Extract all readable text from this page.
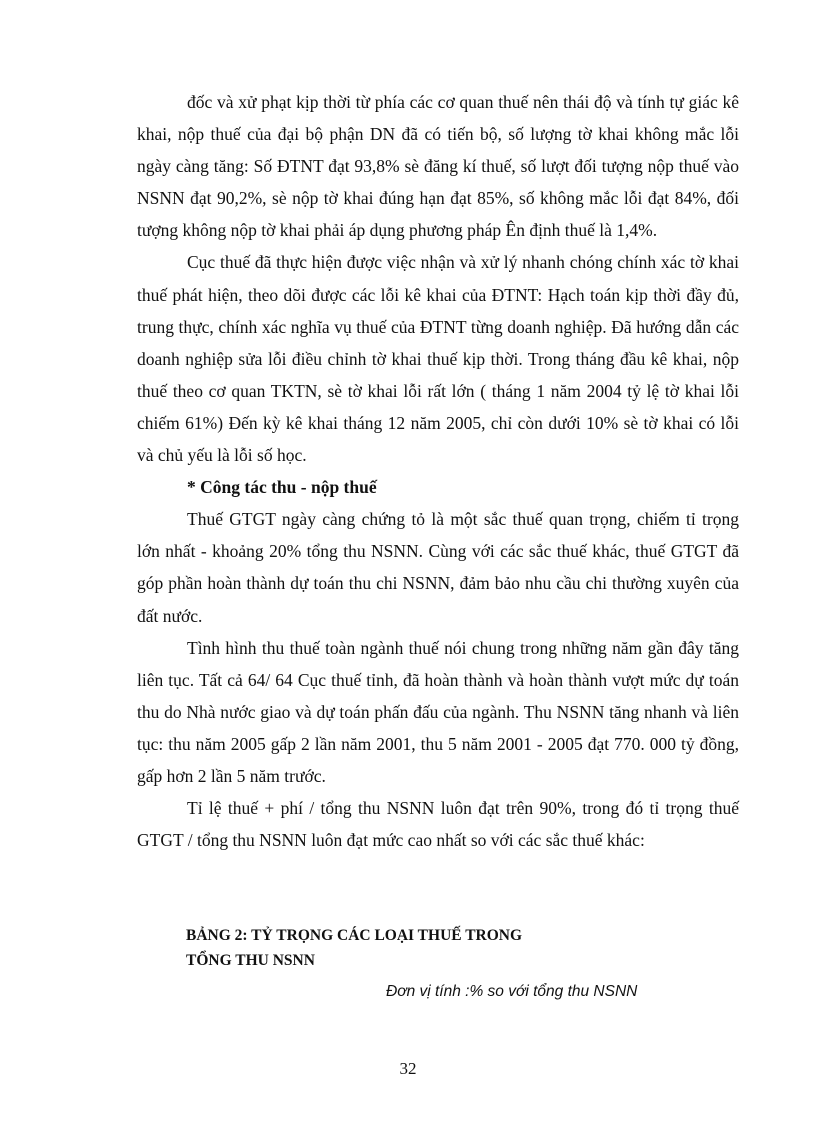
đốc và xử phạt kịp thời từ phía các cơ quan thuế nên thái độ và tính tự giác kê khai, nộp thuế của đại bộ phận DN đã có tiến bộ, số lượng tờ khai không mắc lỗi ngày càng tăng: Số ĐTNT đạt 93,8% sè đăng kí thuế, số lượt đối tượng nộp thuế vào NSNN đạt 90,2%, sè nộp tờ khai đúng hạn đạt 85%, số không mắc lỗi đạt 84%, đối tượng không nộp tờ khai phải áp dụng phương pháp Ên định thuế là 1,4%.

Cục thuế đã thực hiện được việc nhận và xử lý nhanh chóng chính xác tờ khai thuế phát hiện, theo dõi được các lỗi kê khai của ĐTNT: Hạch toán kịp thời đầy đủ, trung thực, chính xác nghĩa vụ thuế của ĐTNT từng doanh nghiệp. Đã hướng dẫn các doanh nghiệp sửa lỗi điều chỉnh tờ khai thuế kịp thời. Trong tháng đầu kê khai, nộp thuế theo cơ quan TKTN, sè tờ khai lỗi rất lớn ( tháng 1 năm 2004 tỷ lệ tờ khai lỗi chiếm 61%) Đến kỳ kê khai tháng 12 năm 2005, chỉ còn dưới 10% sè tờ khai có lỗi và chủ yếu là lỗi số học.

* Công tác thu - nộp thuế

Thuế GTGT ngày càng chứng tỏ là một sắc thuế quan trọng, chiếm tỉ trọng lớn nhất - khoảng 20% tổng thu NSNN. Cùng với các sắc thuế khác, thuế GTGT đã góp phần hoàn thành dự toán thu chi NSNN, đảm bảo nhu cầu chi thường xuyên của đất nước.

Tình hình thu thuế toàn ngành thuế nói chung trong những năm gần đây tăng liên tục. Tất cả 64/ 64 Cục thuế tỉnh, đã hoàn thành và hoàn thành vượt mức dự toán thu do Nhà nước giao và dự toán phấn đấu của ngành. Thu NSNN tăng nhanh và liên tục: thu năm 2005 gấp 2 lần năm 2001, thu 5 năm 2001 - 2005 đạt 770. 000 tỷ đồng, gấp hơn 2 lần 5 năm trước.

Tỉ lệ thuế + phí / tổng thu NSNN luôn đạt trên 90%, trong đó tỉ trọng thuế GTGT / tổng thu NSNN luôn đạt mức cao nhất so với các sắc thuế khác:

BẢNG 2: TỶ TRỌNG CÁC LOẠI THUẾ TRONG
TỔNG THU NSNN

Đơn vị tính :% so với tổng thu NSNN

32
